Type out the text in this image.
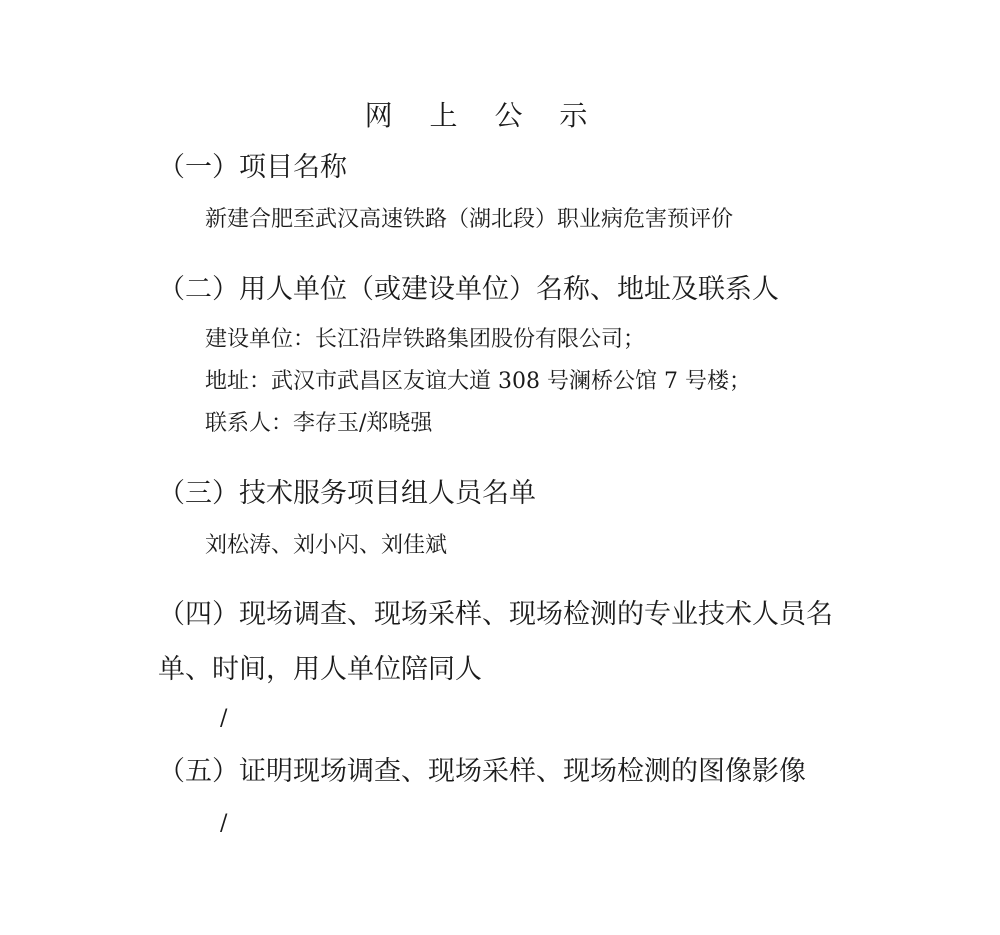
网 上 公 示
（一）项目名称
新建合肥至武汉高速铁路（湖北段）职业病危害预评价
（二）用人单位（或建设单位）名称、地址及联系人
建设单位：长江沿岸铁路集团股份有限公司；
地址：武汉市武昌区友谊大道 308 号澜桥公馆 7 号楼；
联系人：李存玉/郑晓强
（三）技术服务项目组人员名单
刘松涛、刘小闪、刘佳斌
（四）现场调查、现场采样、现场检测的专业技术人员名单、时间，用人单位陪同人
/
（五）证明现场调查、现场采样、现场检测的图像影像
/
